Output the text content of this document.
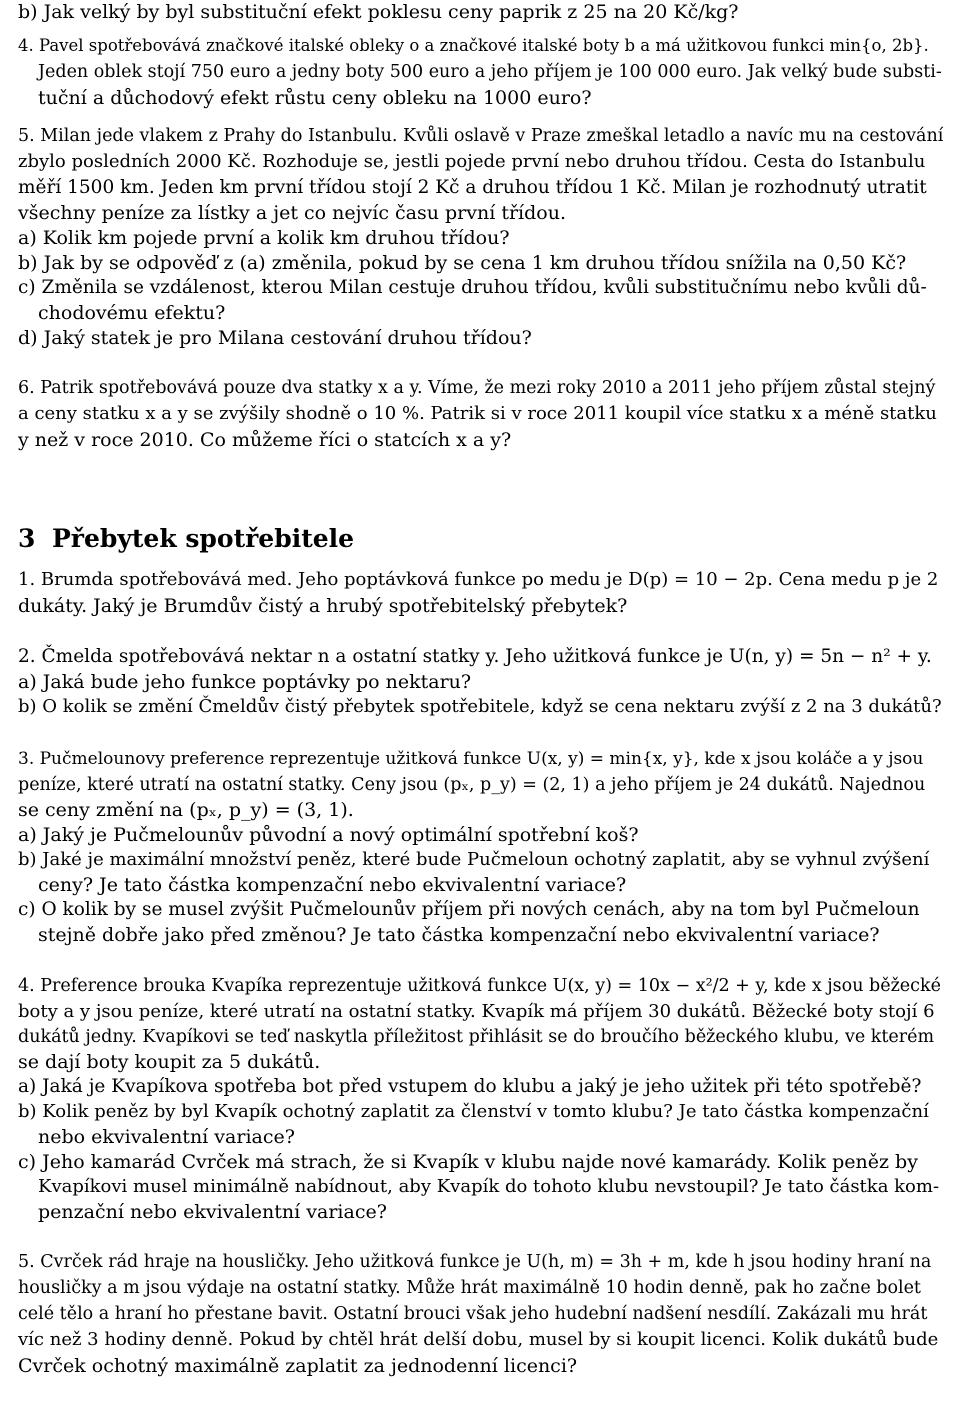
b) Jak velký by byl substituční efekt poklesu ceny paprik z 25 na 20 Kč/kg?
4. Pavel spotřebovává značkové italské obleky o a značkové italské boty b a má užitkovou funkci min{o, 2b}.
Jeden oblek stojí 750 euro a jedny boty 500 euro a jeho příjem je 100 000 euro. Jak velký bude substi-
tuční a důchodový efekt růstu ceny obleku na 1000 euro?
5. Milan jede vlakem z Prahy do Istanbulu. Kvůli oslavě v Praze zmeškal letadlo a navíc mu na cestování
zbylo posledních 2000 Kč. Rozhoduje se, jestli pojede první nebo druhou třídou. Cesta do Istanbulu
měří 1500 km. Jeden km první třídou stojí 2 Kč a druhou třídou 1 Kč. Milan je rozhodnutý utratit
všechny peníze za lístky a jet co nejvíc času první třídou.
a) Kolik km pojede první a kolik km druhou třídou?
b) Jak by se odpověď z (a) změnila, pokud by se cena 1 km druhou třídou snížila na 0,50 Kč?
c) Změnila se vzdálenost, kterou Milan cestuje druhou třídou, kvůli substitučnímu nebo kvůli dů-
chodovému efektu?
d) Jaký statek je pro Milana cestování druhou třídou?
6. Patrik spotřebovává pouze dva statky x a y. Víme, že mezi roky 2010 a 2011 jeho příjem zůstal stejný
a ceny statku x a y se zvýšily shodně o 10 %. Patrik si v roce 2011 koupil více statku x a méně statku
y než v roce 2010. Co můžeme říci o statcích x a y?
3 Přebytek spotřebitele
1. Brumda spotřebovává med. Jeho poptávková funkce po medu je D(p) = 10 − 2p. Cena medu p je 2
dukáty. Jaký je Brumdův čistý a hrubý spotřebitelský přebytek?
2. Čmelda spotřebovává nektar n a ostatní statky y. Jeho užitková funkce je U(n, y) = 5n − n² + y.
a) Jaká bude jeho funkce poptávky po nektaru?
b) O kolik se změní Čmeldův čistý přebytek spotřebitele, když se cena nektaru zvýší z 2 na 3 dukátů?
3. Pučmelounovy preference reprezentuje užitková funkce U(x, y) = min{x, y}, kde x jsou koláče a y jsou
peníze, které utratí na ostatní statky. Ceny jsou (pₓ, p_y) = (2, 1) a jeho příjem je 24 dukátů. Najednou
se ceny změní na (pₓ, p_y) = (3, 1).
a) Jaký je Pučmelounův původní a nový optimální spotřební koš?
b) Jaké je maximální množství peněz, které bude Pučmeloun ochotný zaplatit, aby se vyhnul zvýšení
ceny? Je tato částka kompenzační nebo ekvivalentní variace?
c) O kolik by se musel zvýšit Pučmelounův příjem při nových cenách, aby na tom byl Pučmeloun
stejně dobře jako před změnou? Je tato částka kompenzační nebo ekvivalentní variace?
4. Preference brouka Kvapíka reprezentuje užitková funkce U(x, y) = 10x − x²/2 + y, kde x jsou běžecké
boty a y jsou peníze, které utratí na ostatní statky. Kvapík má příjem 30 dukátů. Běžecké boty stojí 6
dukátů jedny. Kvapíkovi se teď naskytla příležitost přihlásit se do broučího běžeckého klubu, ve kterém
se dají boty koupit za 5 dukátů.
a) Jaká je Kvapíkova spotřeba bot před vstupem do klubu a jaký je jeho užitek při této spotřebě?
b) Kolik peněz by byl Kvapík ochotný zaplatit za členství v tomto klubu? Je tato částka kompenzační
nebo ekvivalentní variace?
c) Jeho kamarád Cvrček má strach, že si Kvapík v klubu najde nové kamarády. Kolik peněz by
Kvapíkovi musel minimálně nabídnout, aby Kvapík do tohoto klubu nevstoupil? Je tato částka kom-
penzační nebo ekvivalentní variace?
5. Cvrček rád hraje na housličky. Jeho užitková funkce je U(h, m) = 3h + m, kde h jsou hodiny hraní na
housličky a m jsou výdaje na ostatní statky. Může hrát maximálně 10 hodin denně, pak ho začne bolet
celé tělo a hraní ho přestane bavit. Ostatní brouci však jeho hudební nadšení nesdílí. Zakázali mu hrát
víc než 3 hodiny denně. Pokud by chtěl hrát delší dobu, musel by si koupit licenci. Kolik dukátů bude
Cvrček ochotný maximálně zaplatit za jednodenní licenci?
